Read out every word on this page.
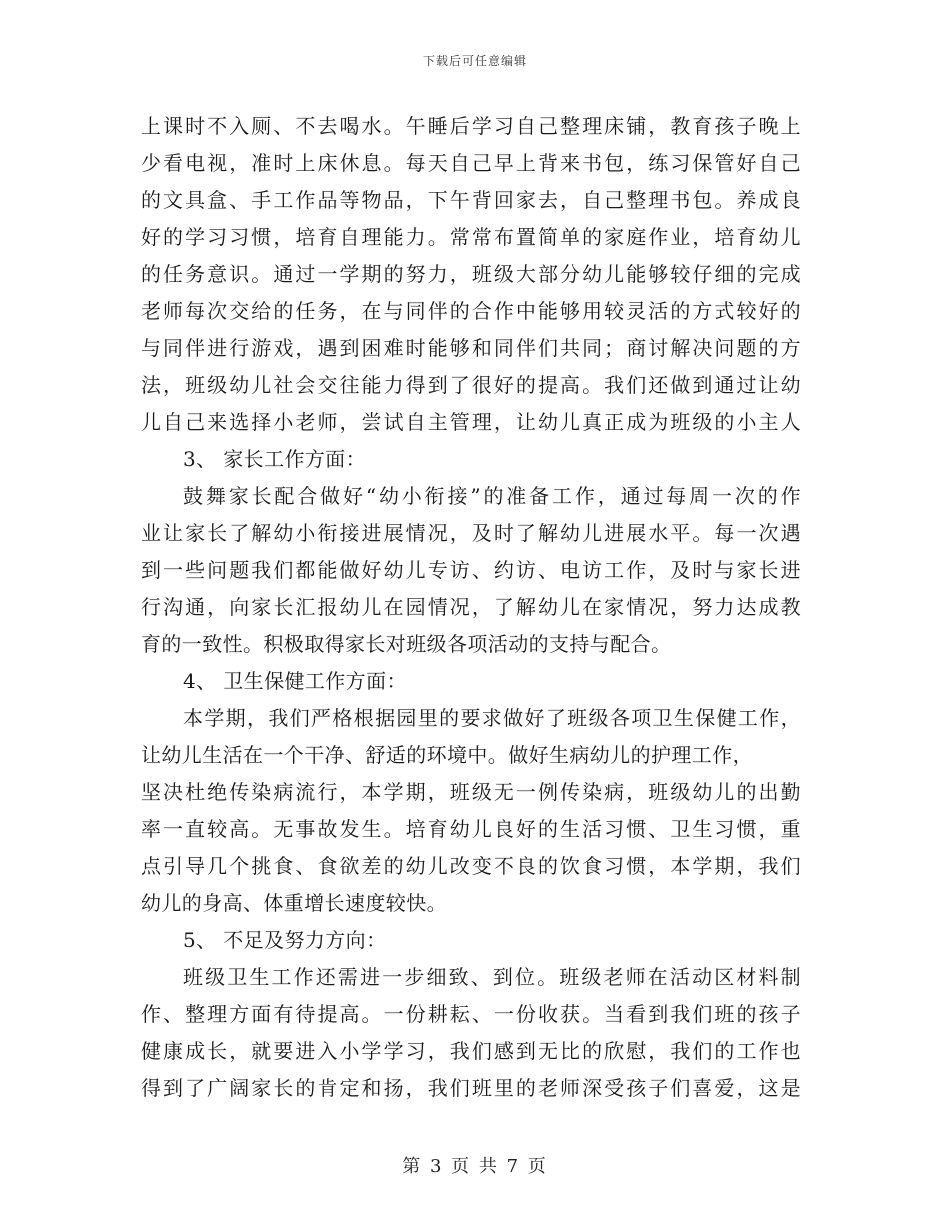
下载后可任意编辑
上课时不入厕、不去喝水。午睡后学习自己整理床铺，教育孩子晚上
少看电视，准时上床休息。每天自己早上背来书包，练习保管好自己
的文具盒、手工作品等物品，下午背回家去，自己整理书包。养成良
好的学习习惯，培育自理能力。常常布置简单的家庭作业，培育幼儿
的任务意识。通过一学期的努力，班级大部分幼儿能够较仔细的完成
老师每次交给的任务，在与同伴的合作中能够用较灵活的方式较好的
与同伴进行游戏，遇到困难时能够和同伴们共同；商讨解决问题的方
法，班级幼儿社会交往能力得到了很好的提高。我们还做到通过让幼
儿自己来选择小老师，尝试自主管理，让幼儿真正成为班级的小主人
3、 家长工作方面：
鼓舞家长配合做好“幼小衔接”的准备工作，通过每周一次的作
业让家长了解幼小衔接进展情况，及时了解幼儿进展水平。每一次遇
到一些问题我们都能做好幼儿专访、约访、电访工作，及时与家长进
行沟通，向家长汇报幼儿在园情况，了解幼儿在家情况，努力达成教
育的一致性。积极取得家长对班级各项活动的支持与配合。
4、 卫生保健工作方面：
本学期，我们严格根据园里的要求做好了班级各项卫生保健工作，
让幼儿生活在一个干净、舒适的环境中。做好生病幼儿的护理工作，
坚决杜绝传染病流行，本学期，班级无一例传染病，班级幼儿的出勤
率一直较高。无事故发生。培育幼儿良好的生活习惯、卫生习惯，重
点引导几个挑食、食欲差的幼儿改变不良的饮食习惯，本学期，我们
幼儿的身高、体重增长速度较快。
5、 不足及努力方向：
班级卫生工作还需进一步细致、到位。班级老师在活动区材料制
作、整理方面有待提高。一份耕耘、一份收获。当看到我们班的孩子
健康成长，就要进入小学学习，我们感到无比的欣慰，我们的工作也
得到了广阔家长的肯定和扬，我们班里的老师深受孩子们喜爱，这是
第 3 页 共 7 页
